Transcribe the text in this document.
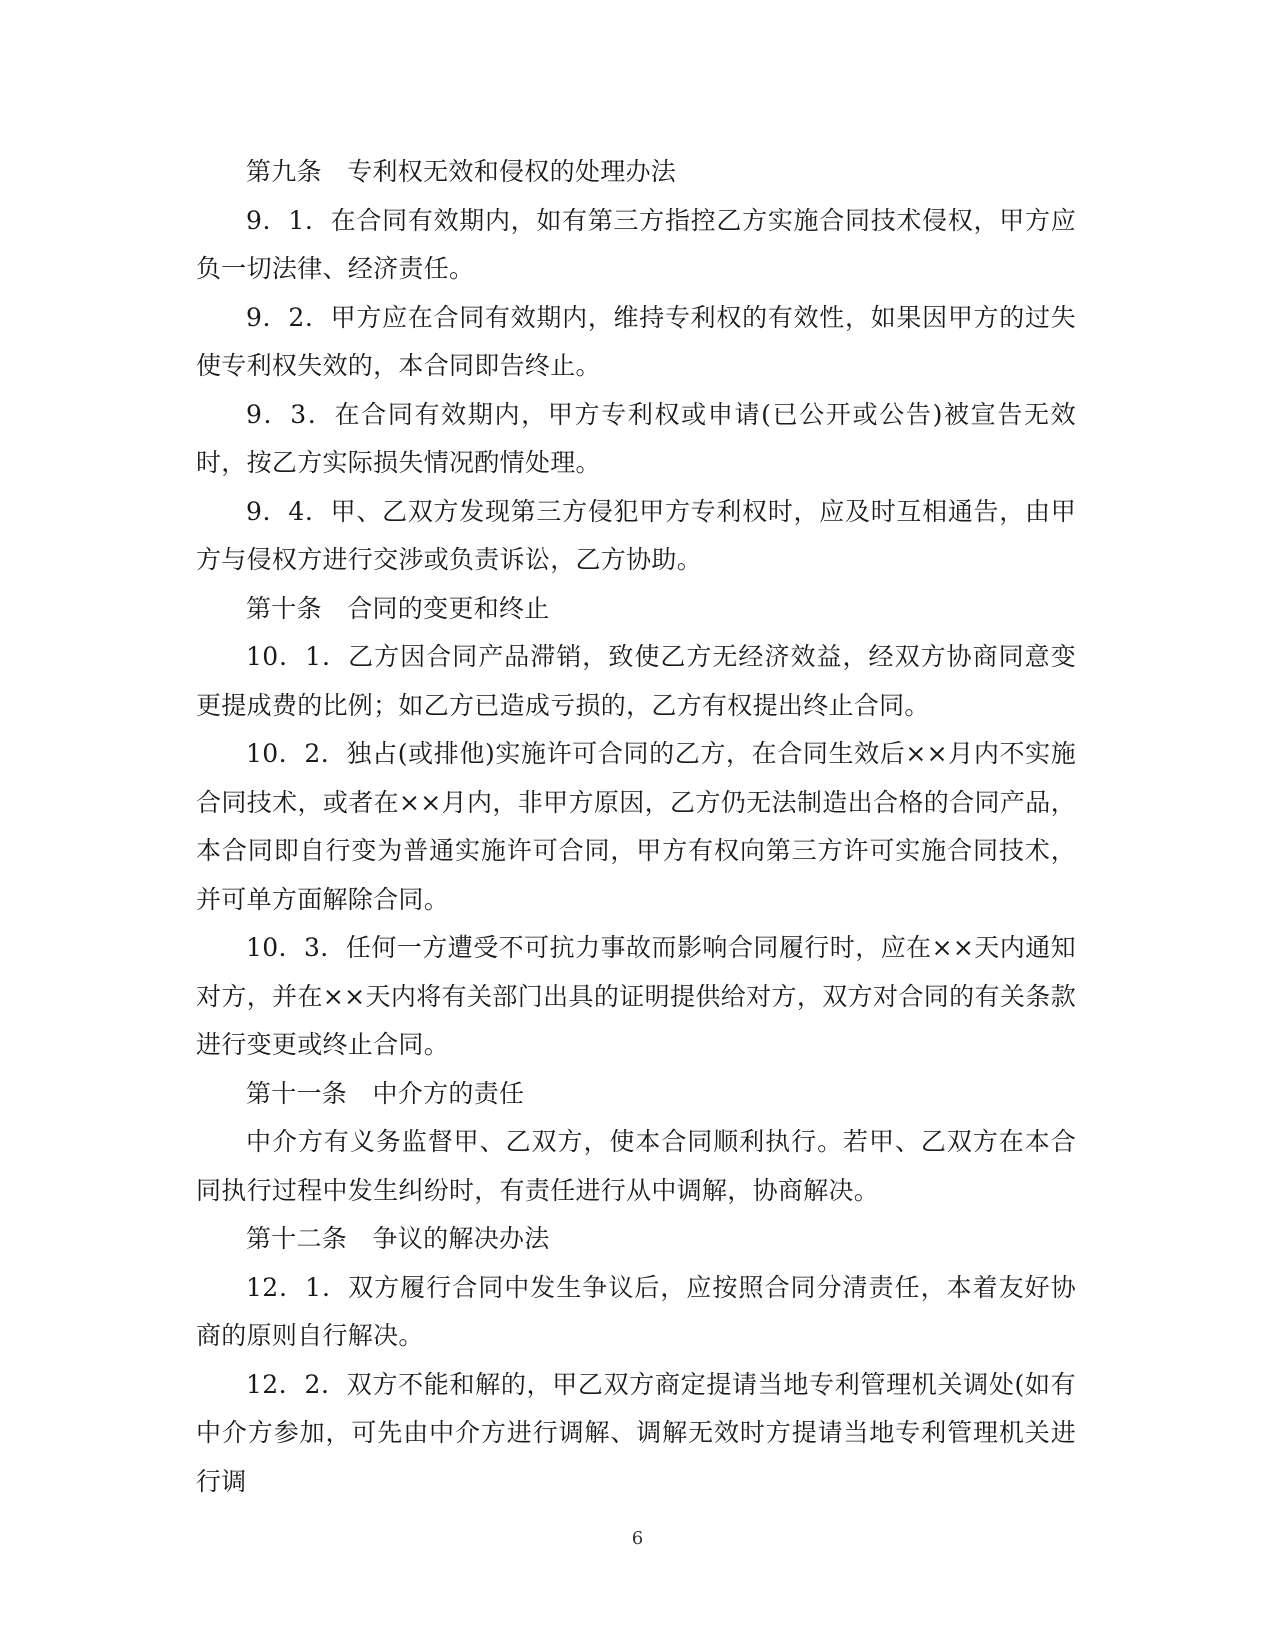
第九条　专利权无效和侵权的处理办法

9．1．在合同有效期内，如有第三方指控乙方实施合同技术侵权，甲方应负一切法律、经济责任。

9．2．甲方应在合同有效期内，维持专利权的有效性，如果因甲方的过失使专利权失效的，本合同即告终止。

9．3．在合同有效期内，甲方专利权或申请(已公开或公告)被宣告无效时，按乙方实际损失情况酌情处理。

9．4．甲、乙双方发现第三方侵犯甲方专利权时，应及时互相通告，由甲方与侵权方进行交涉或负责诉讼，乙方协助。

第十条　合同的变更和终止

10．1．乙方因合同产品滞销，致使乙方无经济效益，经双方协商同意变更提成费的比例；如乙方已造成亏损的，乙方有权提出终止合同。

10．2．独占(或排他)实施许可合同的乙方，在合同生效后××月内不实施合同技术，或者在××月内，非甲方原因，乙方仍无法制造出合格的合同产品，本合同即自行变为普通实施许可合同，甲方有权向第三方许可实施合同技术，并可单方面解除合同。

10．3．任何一方遭受不可抗力事故而影响合同履行时，应在××天内通知对方，并在××天内将有关部门出具的证明提供给对方，双方对合同的有关条款进行变更或终止合同。

第十一条　中介方的责任

中介方有义务监督甲、乙双方，使本合同顺利执行。若甲、乙双方在本合同执行过程中发生纠纷时，有责任进行从中调解，协商解决。

第十二条　争议的解决办法

12．1．双方履行合同中发生争议后，应按照合同分清责任，本着友好协商的原则自行解决。

12．2．双方不能和解的，甲乙双方商定提请当地专利管理机关调处(如有中介方参加，可先由中介方进行调解、调解无效时方提请当地专利管理机关进行调

6
